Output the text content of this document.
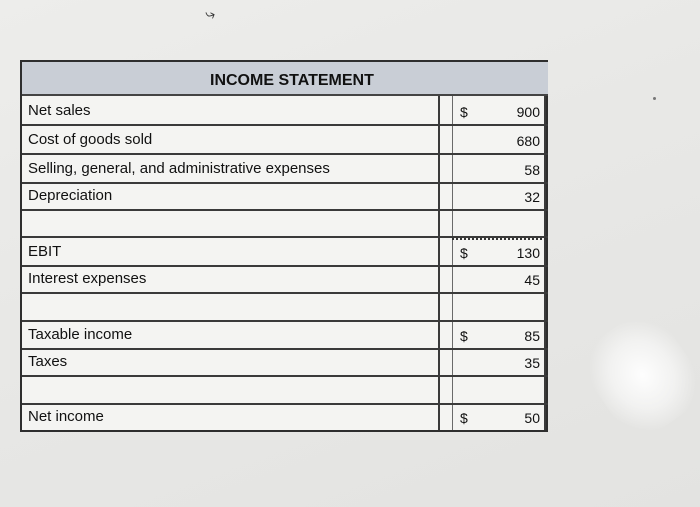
⤷
INCOME STATEMENT
Net sales	$	900
Cost of goods sold	680
Selling, general, and administrative expenses	58
Depreciation	32
EBIT	$	130
Interest expenses	45
Taxable income	$	85
Taxes	35
Net income	$	50
